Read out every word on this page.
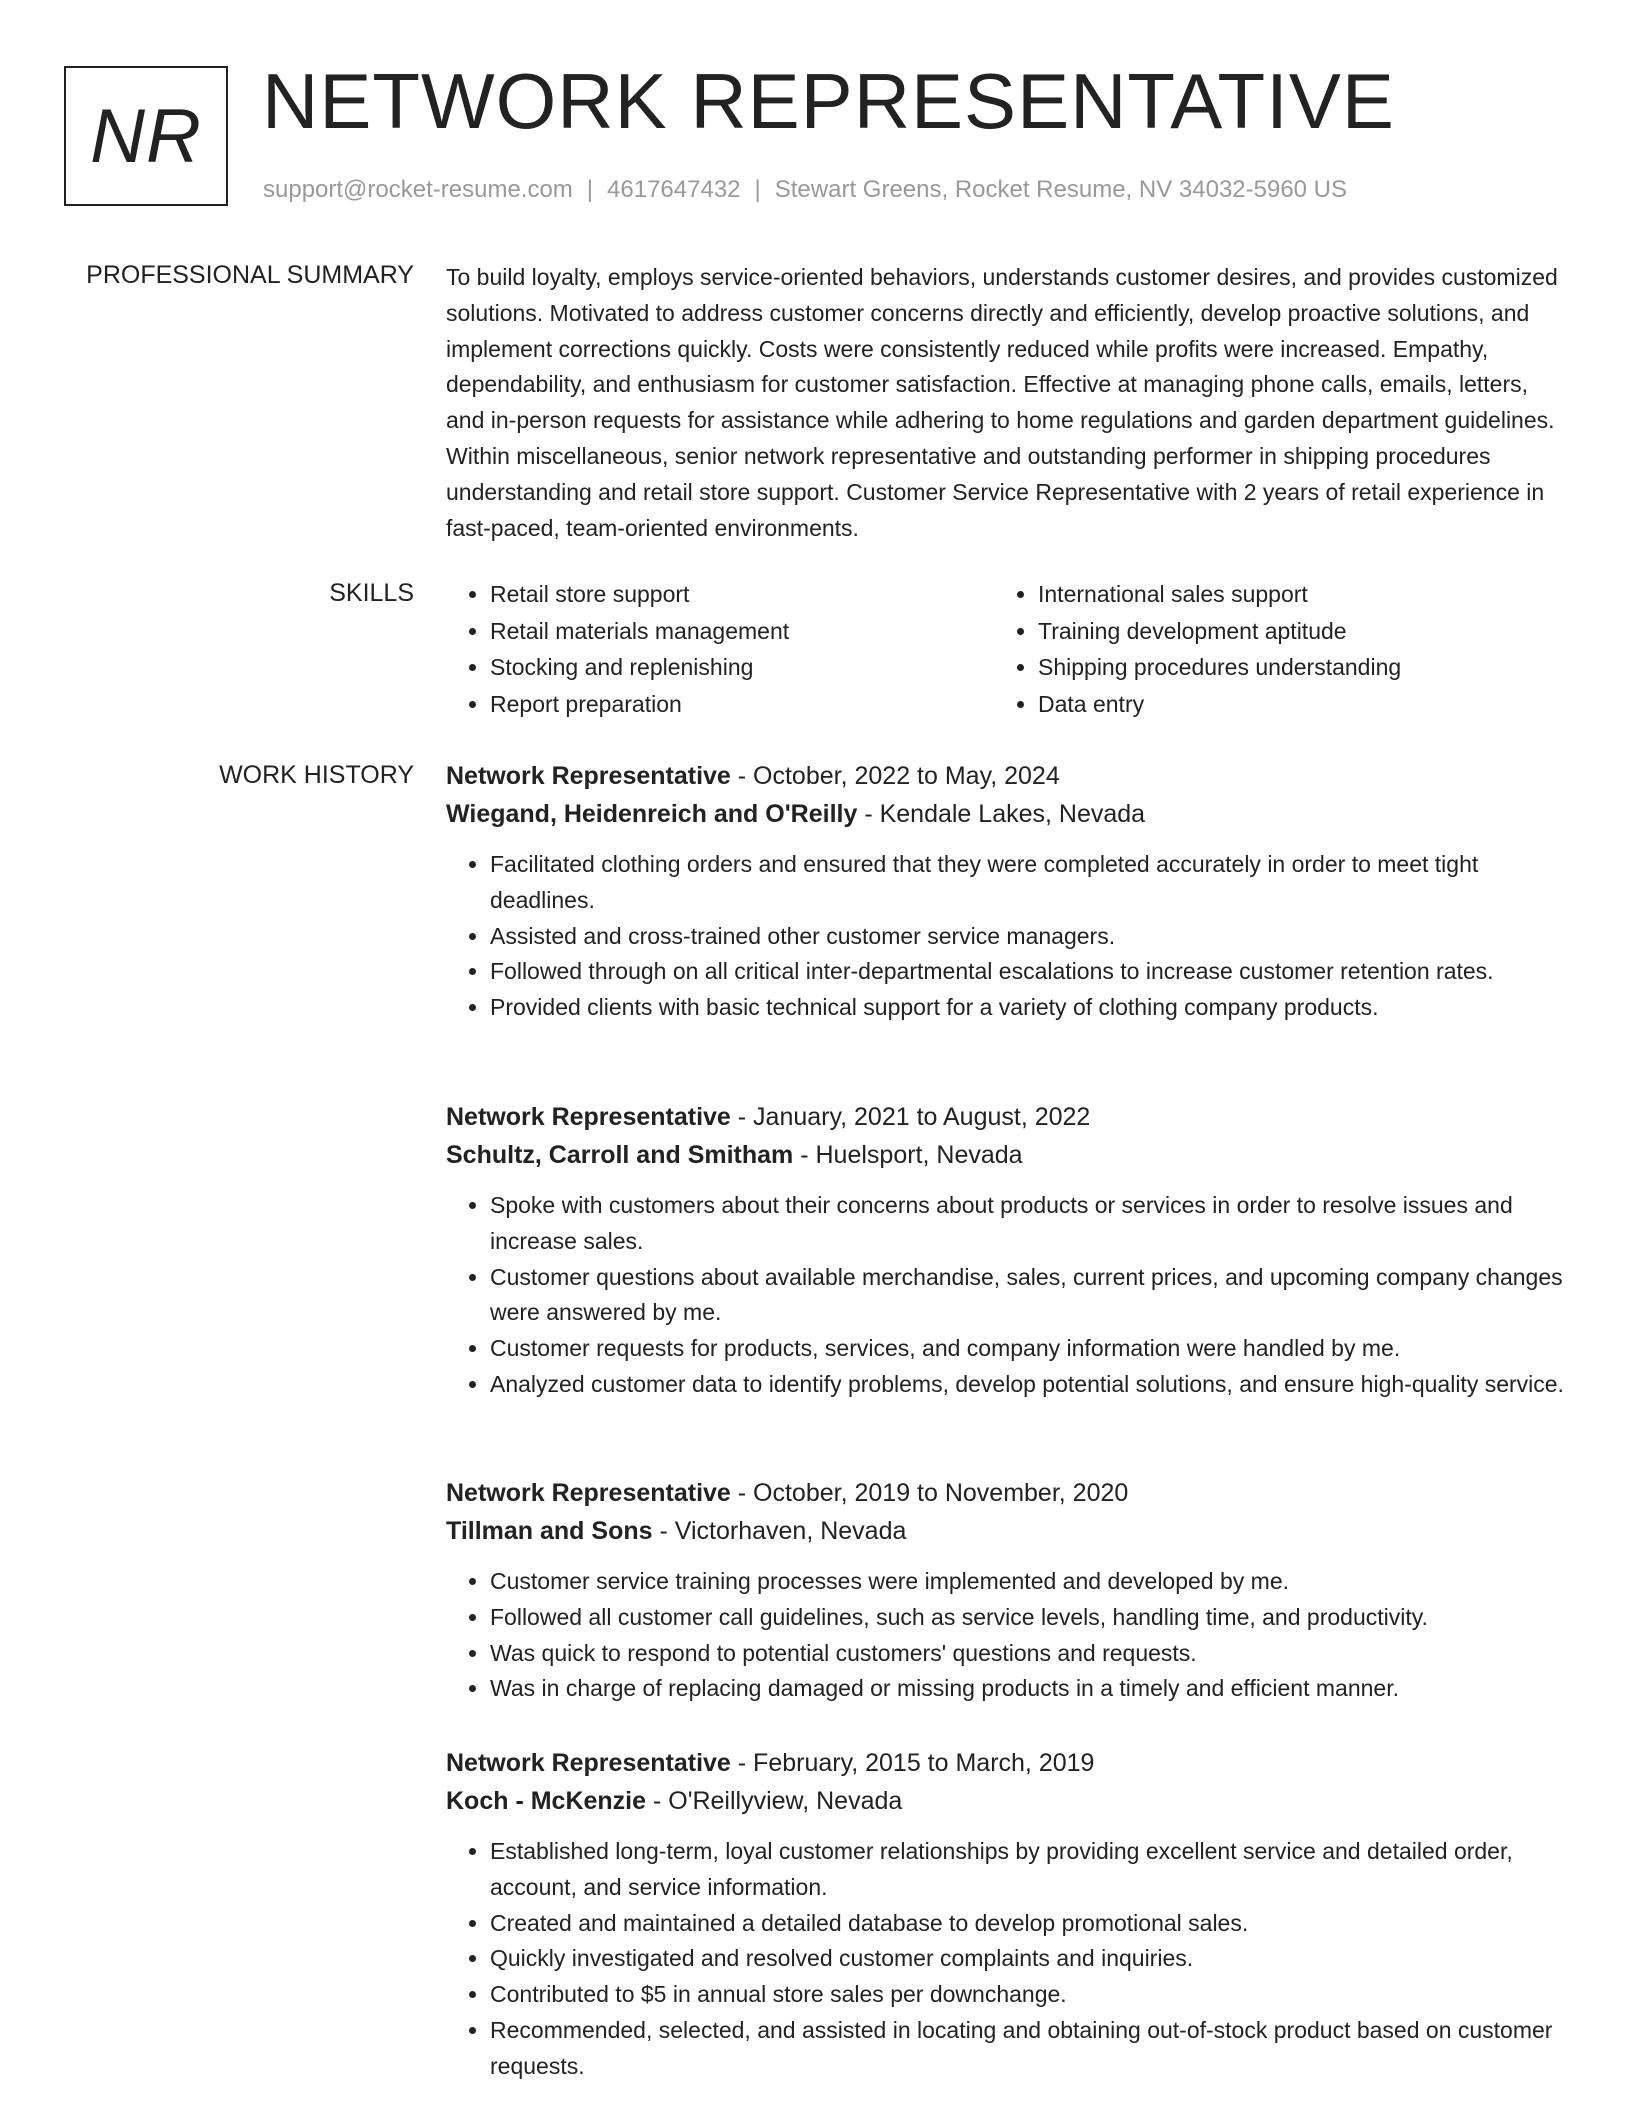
NR NETWORK REPRESENTATIVE
support@rocket-resume.com | 4617647432 | Stewart Greens, Rocket Resume, NV 34032-5960 US
PROFESSIONAL SUMMARY To build loyalty, employs service-oriented behaviors, understands customer desires, and provides customized solutions. Motivated to address customer concerns directly and efficiently, develop proactive solutions, and implement corrections quickly. Costs were consistently reduced while profits were increased. Empathy, dependability, and enthusiasm for customer satisfaction. Effective at managing phone calls, emails, letters, and in-person requests for assistance while adhering to home regulations and garden department guidelines. Within miscellaneous, senior network representative and outstanding performer in shipping procedures understanding and retail store support. Customer Service Representative with 2 years of retail experience in fast-paced, team-oriented environments.

SKILLS
•	Retail store support
• Retail materials management
• Stocking and replenishing
• Report preparation
• International sales support
• Training development aptitude
• Shipping procedures understanding
• Data entry
WORK HISTORY Network Representative - October, 2022 to May, 2024
Wiegand, Heidenreich and O'Reilly - Kendale Lakes, Nevada
• Facilitated clothing orders and ensured that they were completed accurately in order to meet tight deadlines.
• Assisted and cross-trained other customer service managers.
• Followed through on all critical inter-departmental escalations to increase customer retention rates.
• Provided clients with basic technical support for a variety of clothing company products.
Network Representative - January, 2021 to August, 2022
Schultz, Carroll and Smitham - Huelsport, Nevada
• Spoke with customers about their concerns about products or services in order to resolve issues and increase sales.
• Customer questions about available merchandise, sales, current prices, and upcoming company changes were answered by me.
• Customer requests for products, services, and company information were handled by me.
• Analyzed customer data to identify problems, develop potential solutions, and ensure high-quality service.
Network Representative - October, 2019 to November, 2020
Tillman and Sons - Victorhaven, Nevada
• Customer service training processes were implemented and developed by me.
• Followed all customer call guidelines, such as service levels, handling time, and productivity.
• Was quick to respond to potential customers' questions and requests.
• Was in charge of replacing damaged or missing products in a timely and efficient manner.
Network Representative - February, 2015 to March, 2019
Koch - McKenzie - O'Reillyview, Nevada
• Established long-term, loyal customer relationships by providing excellent service and detailed order, account, and service information.
• Created and maintained a detailed database to develop promotional sales.
• Quickly investigated and resolved customer complaints and inquiries.
• Contributed to $5 in annual store sales per downchange.
• Recommended, selected, and assisted in locating and obtaining out-of-stock product based on customer requests.
